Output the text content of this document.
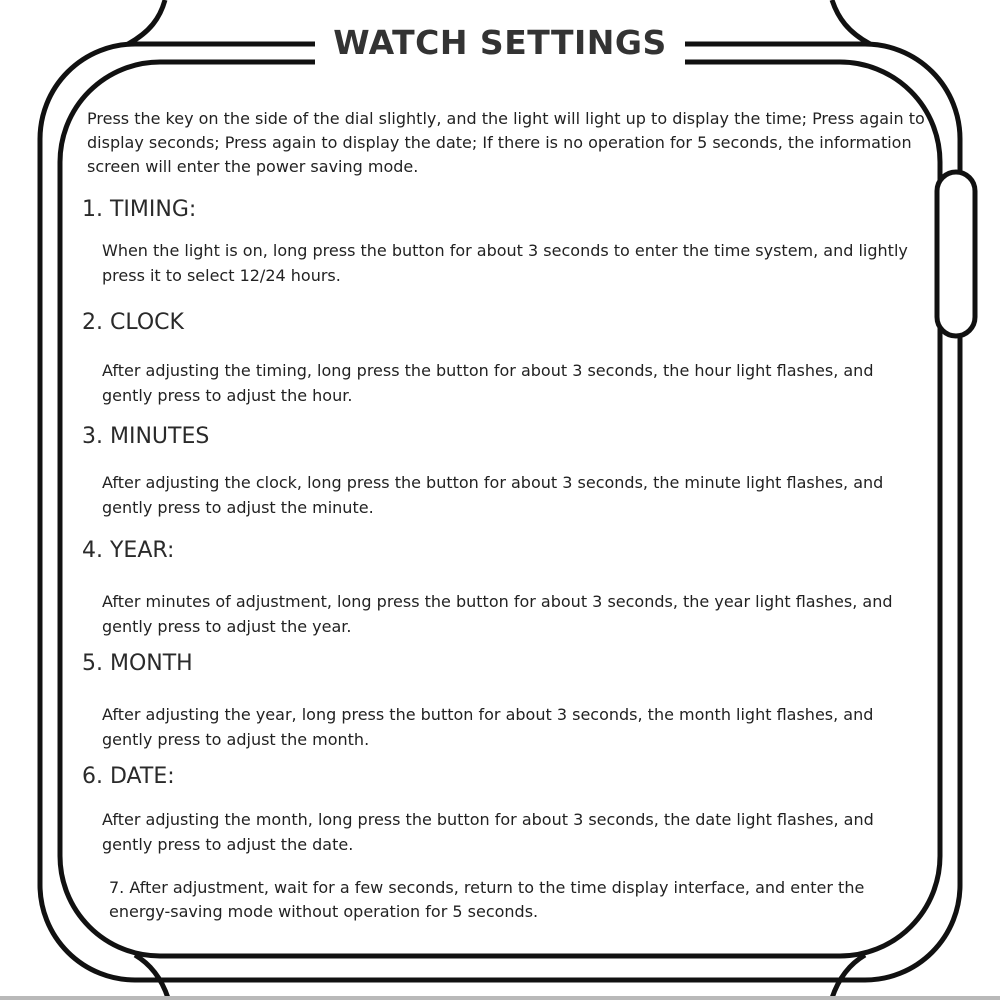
WATCH SETTINGS
Press the key on the side of the dial slightly, and the light will light up to display the time; Press again to display seconds; Press again to display the date; If there is no operation for 5 seconds, the information screen will enter the power saving mode.
1. TIMING:
When the light is on, long press the button for about 3 seconds to enter the time system, and lightly press it to select 12/24 hours.
2. CLOCK
After adjusting the timing, long press the button for about 3 seconds, the hour light flashes, and gently press to adjust the hour.
3. MINUTES
After adjusting the clock, long press the button for about 3 seconds, the minute light flashes, and gently press to adjust the minute.
4. YEAR:
After minutes of adjustment, long press the button for about 3 seconds, the year light flashes, and gently press to adjust the year.
5. MONTH
After adjusting the year, long press the button for about 3 seconds, the month light flashes, and gently press to adjust the month.
6. DATE:
After adjusting the month, long press the button for about 3 seconds, the date light flashes, and gently press to adjust the date.
7. After adjustment, wait for a few seconds, return to the time display interface, and enter the energy-saving mode without operation for 5 seconds.
